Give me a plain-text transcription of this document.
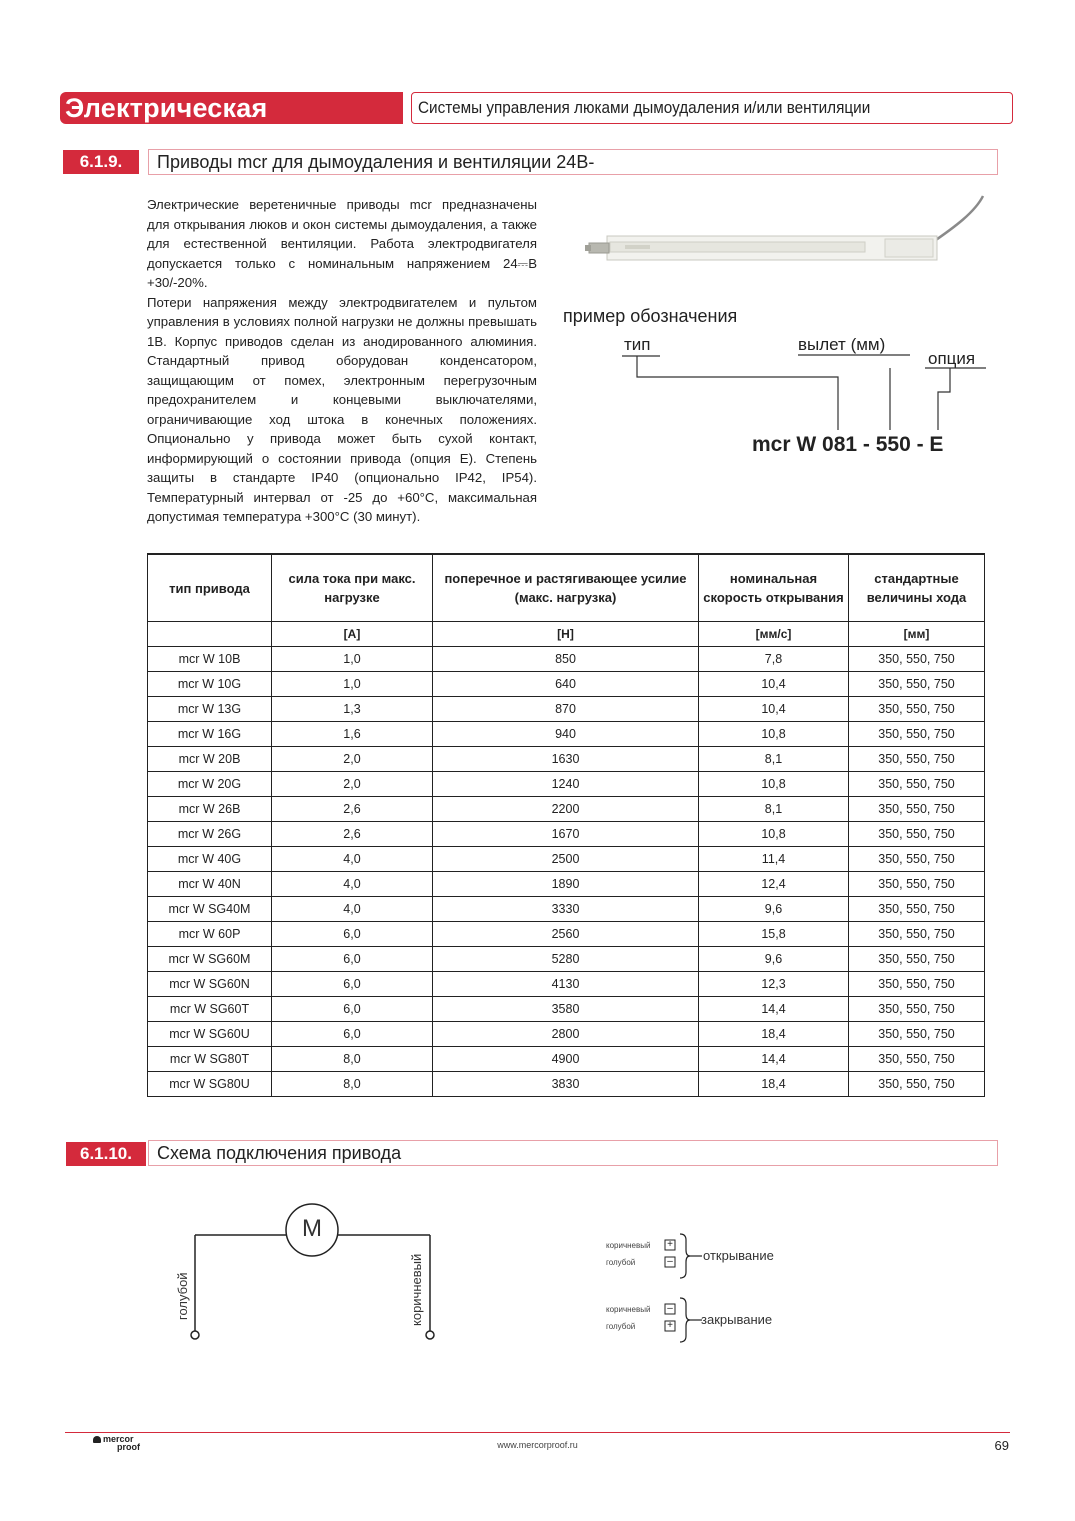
Электрическая	Системы управления люками дымоудаления и/или вентиляции
6.1.9.	Приводы mcr для дымоудаления и вентиляции 24В-

Электрические веретеничные приводы mcr предназначены для открывания люков и окон системы дымоудаления, а также для естественной вентиляции. Работа электродвигателя допускается только с номинальным напряжением 24⎓В +30/-20%.

Потери напряжения между электродвигателем и пультом управления в условиях полной нагрузки не должны превышать 1В. Корпус приводов сделан из анодированного алюминия. Стандартный привод оборудован конденсатором, защищающим от помех, электронным перегрузочным предохранителем и концевыми выключателями, ограничивающие ход штока в конечных положениях. Опционально у привода может быть сухой контакт, информирующий о состоянии привода (опция E). Степень защиты в стандарте IP40 (опционально IP42, IP54). Температурный интервал от -25 до +60°C, максимальная допустимая температура +300°C (30 минут).

пример обозначения
тип	вылет (мм)
опция
mcr W 081 - 550 - E
тип привода	сила тока при макс. нагрузке	поперечное и растягивающее усилие (макс. нагрузка)	номинальная скорость открывания	стандартные величины хода
	[A]	[Н]	[мм/с]	[мм]
mcr W 10B	1,0	850	7,8	350, 550, 750
mcr W 10G	1,0	640	10,4	350, 550, 750
mcr W 13G	1,3	870	10,4	350, 550, 750
mcr W 16G	1,6	940	10,8	350, 550, 750
mcr W 20B	2,0	1630	8,1	350, 550, 750
mcr W 20G	2,0	1240	10,8	350, 550, 750
mcr W 26B	2,6	2200	8,1	350, 550, 750
mcr W 26G	2,6	1670	10,8	350, 550, 750
mcr W 40G	4,0	2500	11,4	350, 550, 750
mcr W 40N	4,0	1890	12,4	350, 550, 750
mcr W SG40M	4,0	3330	9,6	350, 550, 750
mcr W 60P	6,0	2560	15,8	350, 550, 750
mcr W SG60M	6,0	5280	9,6	350, 550, 750
mcr W SG60N	6,0	4130	12,3	350, 550, 750
mcr W SG60T	6,0	3580	14,4	350, 550, 750
mcr W SG60U	6,0	2800	18,4	350, 550, 750
mcr W SG80T	8,0	4900	14,4	350, 550, 750
mcr W SG80U	8,0	3830	18,4	350, 550, 750
6.1.10.	Схема подключения привода
M
голубой	коричневый
+
–
–
+
коричневый
голубой
коричневый
голубой
открывание
закрывание
mercor
proof	www.mercorproof.ru	69
